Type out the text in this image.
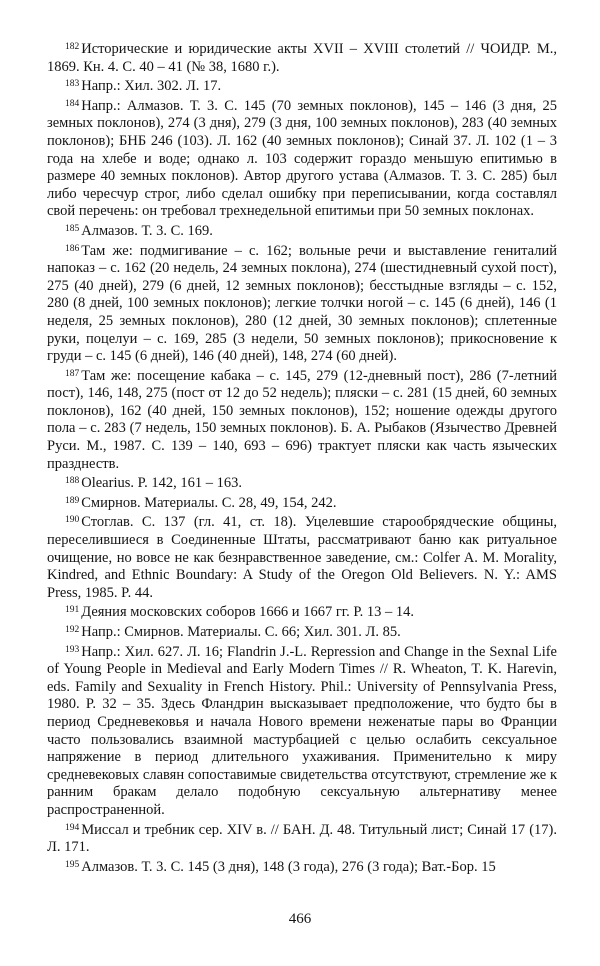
$^{182}$ Исторические и юридические акты XVII – XVIII столетий // ЧОИДР. М., 1869. Кн. 4. С. 40 – 41 (№ 38, 1680 г.).

$^{183}$ Напр.: Хил. 302. Л. 17.

$^{184}$ Напр.: Алмазов. Т. 3. С. 145 (70 земных поклонов), 145 – 146 (3 дня, 25 земных поклонов), 274 (3 дня), 279 (3 дня, 100 земных поклонов), 283 (40 земных поклонов); БНБ 246 (103). Л. 162 (40 земных поклонов); Синай 37. Л. 102 (1 – 3 года на хлебе и воде; однако л. 103 содержит гораздо меньшую епитимью в размере 40 земных поклонов). Автор другого устава (Алмазов. Т. 3. С. 285) был либо чересчур строг, либо сделал ошибку при переписывании, когда составлял свой перечень: он требовал трехнедельной епитимьи при 50 земных поклонах.

$^{185}$ Алмазов. Т. 3. С. 169.

$^{186}$ Там же: подмигивание – с. 162; вольные речи и выставление гениталий напоказ – с. 162 (20 недель, 24 земных поклона), 274 (шестидневный сухой пост), 275 (40 дней), 279 (6 дней, 12 земных поклонов); бесстыдные взгляды – с. 152, 280 (8 дней, 100 земных поклонов); легкие толчки ногой – с. 145 (6 дней), 146 (1 неделя, 25 земных поклонов), 280 (12 дней, 30 земных поклонов); сплетенные руки, поцелуи – с. 169, 285 (3 недели, 50 земных поклонов); прикосновение к груди – с. 145 (6 дней), 146 (40 дней), 148, 274 (60 дней).

$^{187}$ Там же: посещение кабака – с. 145, 279 (12-дневный пост), 286 (7-летний пост), 146, 148, 275 (пост от 12 до 52 недель); пляски – с. 281 (15 дней, 60 земных поклонов), 162 (40 дней, 150 земных поклонов), 152; ношение одежды другого пола – с. 283 (7 недель, 150 земных поклонов). Б. А. Рыбаков (Язычество Древней Руси. М., 1987. С. 139 – 140, 693 – 696) трактует пляски как часть языческих празднеств.

$^{188}$ Olearius. P. 142, 161 – 163.

$^{189}$ Смирнов. Материалы. С. 28, 49, 154, 242.

$^{190}$ Стоглав. С. 137 (гл. 41, ст. 18). Уцелевшие старообрядческие общины, переселившиеся в Соединенные Штаты, рассматривают баню как ритуальное очищение, но вовсе не как безнравственное заведение, см.: Colfer A. M. Morality, Kindred, and Ethnic Boundary: A Study of the Oregon Old Believers. N. Y.: AMS Press, 1985. P. 44.

$^{191}$ Деяния московских соборов 1666 и 1667 гг. Р. 13 – 14.

$^{192}$ Напр.: Смирнов. Материалы. С. 66; Хил. 301. Л. 85.

$^{193}$ Напр.: Хил. 627. Л. 16; Flandrin J.-L. Repression and Change in the Sexnal Life of Young People in Medieval and Early Modern Times // R. Wheaton, T. K. Harevin, eds. Family and Sexuality in French History. Phil.: University of Pennsylvania Press, 1980. P. 32 – 35. Здесь Фландрин высказывает предположение, что будто бы в период Средневековья и начала Нового времени неженатые пары во Франции часто пользовались взаимной мастурбацией с целью ослабить сексуальное напряжение в период длительного ухаживания. Применительно к миру средневековых славян сопоставимые свидетельства отсутствуют, стремление же к ранним бракам делало подобную сексуальную альтернативу менее распространенной.

$^{194}$ Миссал и требник сер. XIV в. // БАН. Д. 48. Титульный лист; Синай 17 (17). Л. 171.

$^{195}$ Алмазов. Т. 3. С. 145 (3 дня), 148 (3 года), 276 (3 года); Ват.-Бор. 15

466
